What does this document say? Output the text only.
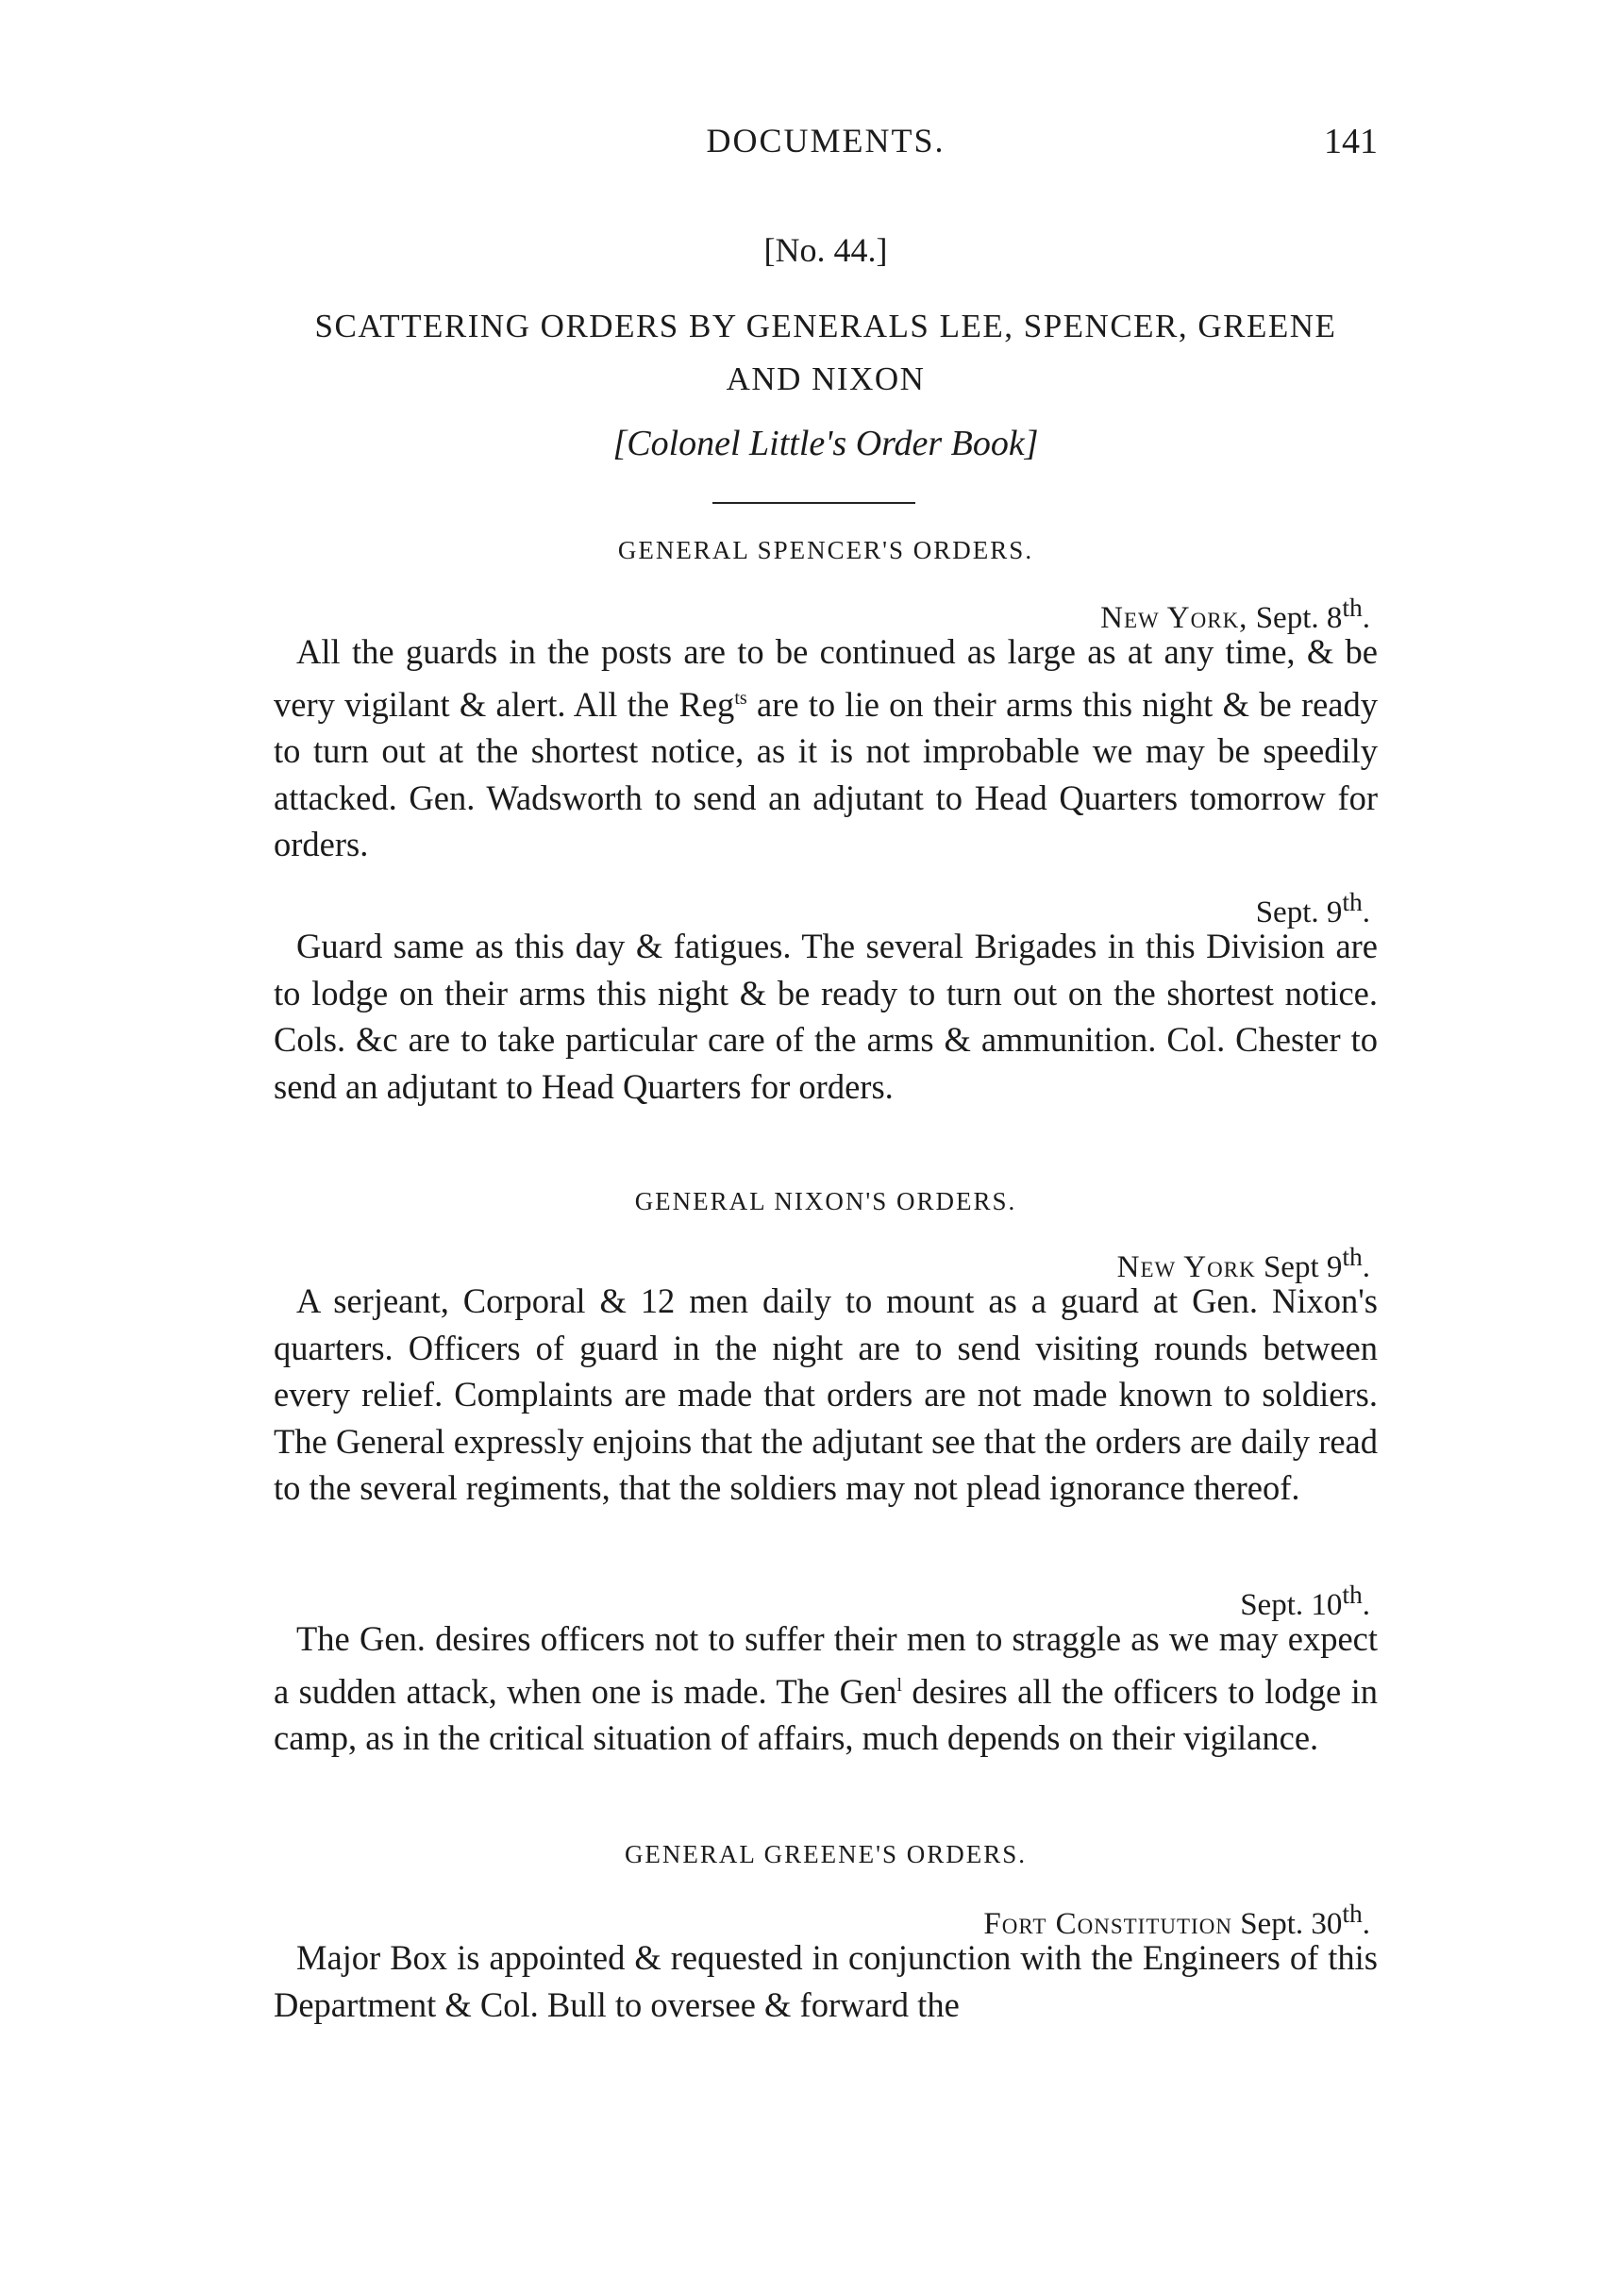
DOCUMENTS.	141
[No. 44.]
SCATTERING ORDERS BY GENERALS LEE, SPENCER, GREENE
AND NIXON
[Colonel Little's Order Book]
GENERAL SPENCER'S ORDERS.
New York, Sept. 8th.

All the guards in the posts are to be continued as large as at any time, & be very vigilant & alert. All the Reg$^{ts}$ are to lie on their arms this night & be ready to turn out at the shortest notice, as it is not improbable we may be speedily attacked. Gen. Wadsworth to send an adjutant to Head Quarters tomorrow for orders.

Sept. 9th.

Guard same as this day & fatigues. The several Brigades in this Division are to lodge on their arms this night & be ready to turn out on the shortest notice. Cols. &c are to take particular care of the arms & ammunition. Col. Chester to send an adjutant to Head Quarters for orders.

GENERAL NIXON'S ORDERS.
New York Sept 9th.

A serjeant, Corporal & 12 men daily to mount as a guard at Gen. Nixon's quarters. Officers of guard in the night are to send visiting rounds between every relief. Complaints are made that orders are not made known to soldiers. The General expressly enjoins that the adjutant see that the orders are daily read to the several regiments, that the soldiers may not plead ignorance thereof.

Sept. 10th.

The Gen. desires officers not to suffer their men to straggle as we may expect a sudden attack, when one is made. The Gen$^l$ desires all the officers to lodge in camp, as in the critical situation of affairs, much depends on their vigilance.

GENERAL GREENE'S ORDERS.
Fort Constitution Sept. 30th.

Major Box is appointed & requested in conjunction with the Engineers of this Department & Col. Bull to oversee & forward the
